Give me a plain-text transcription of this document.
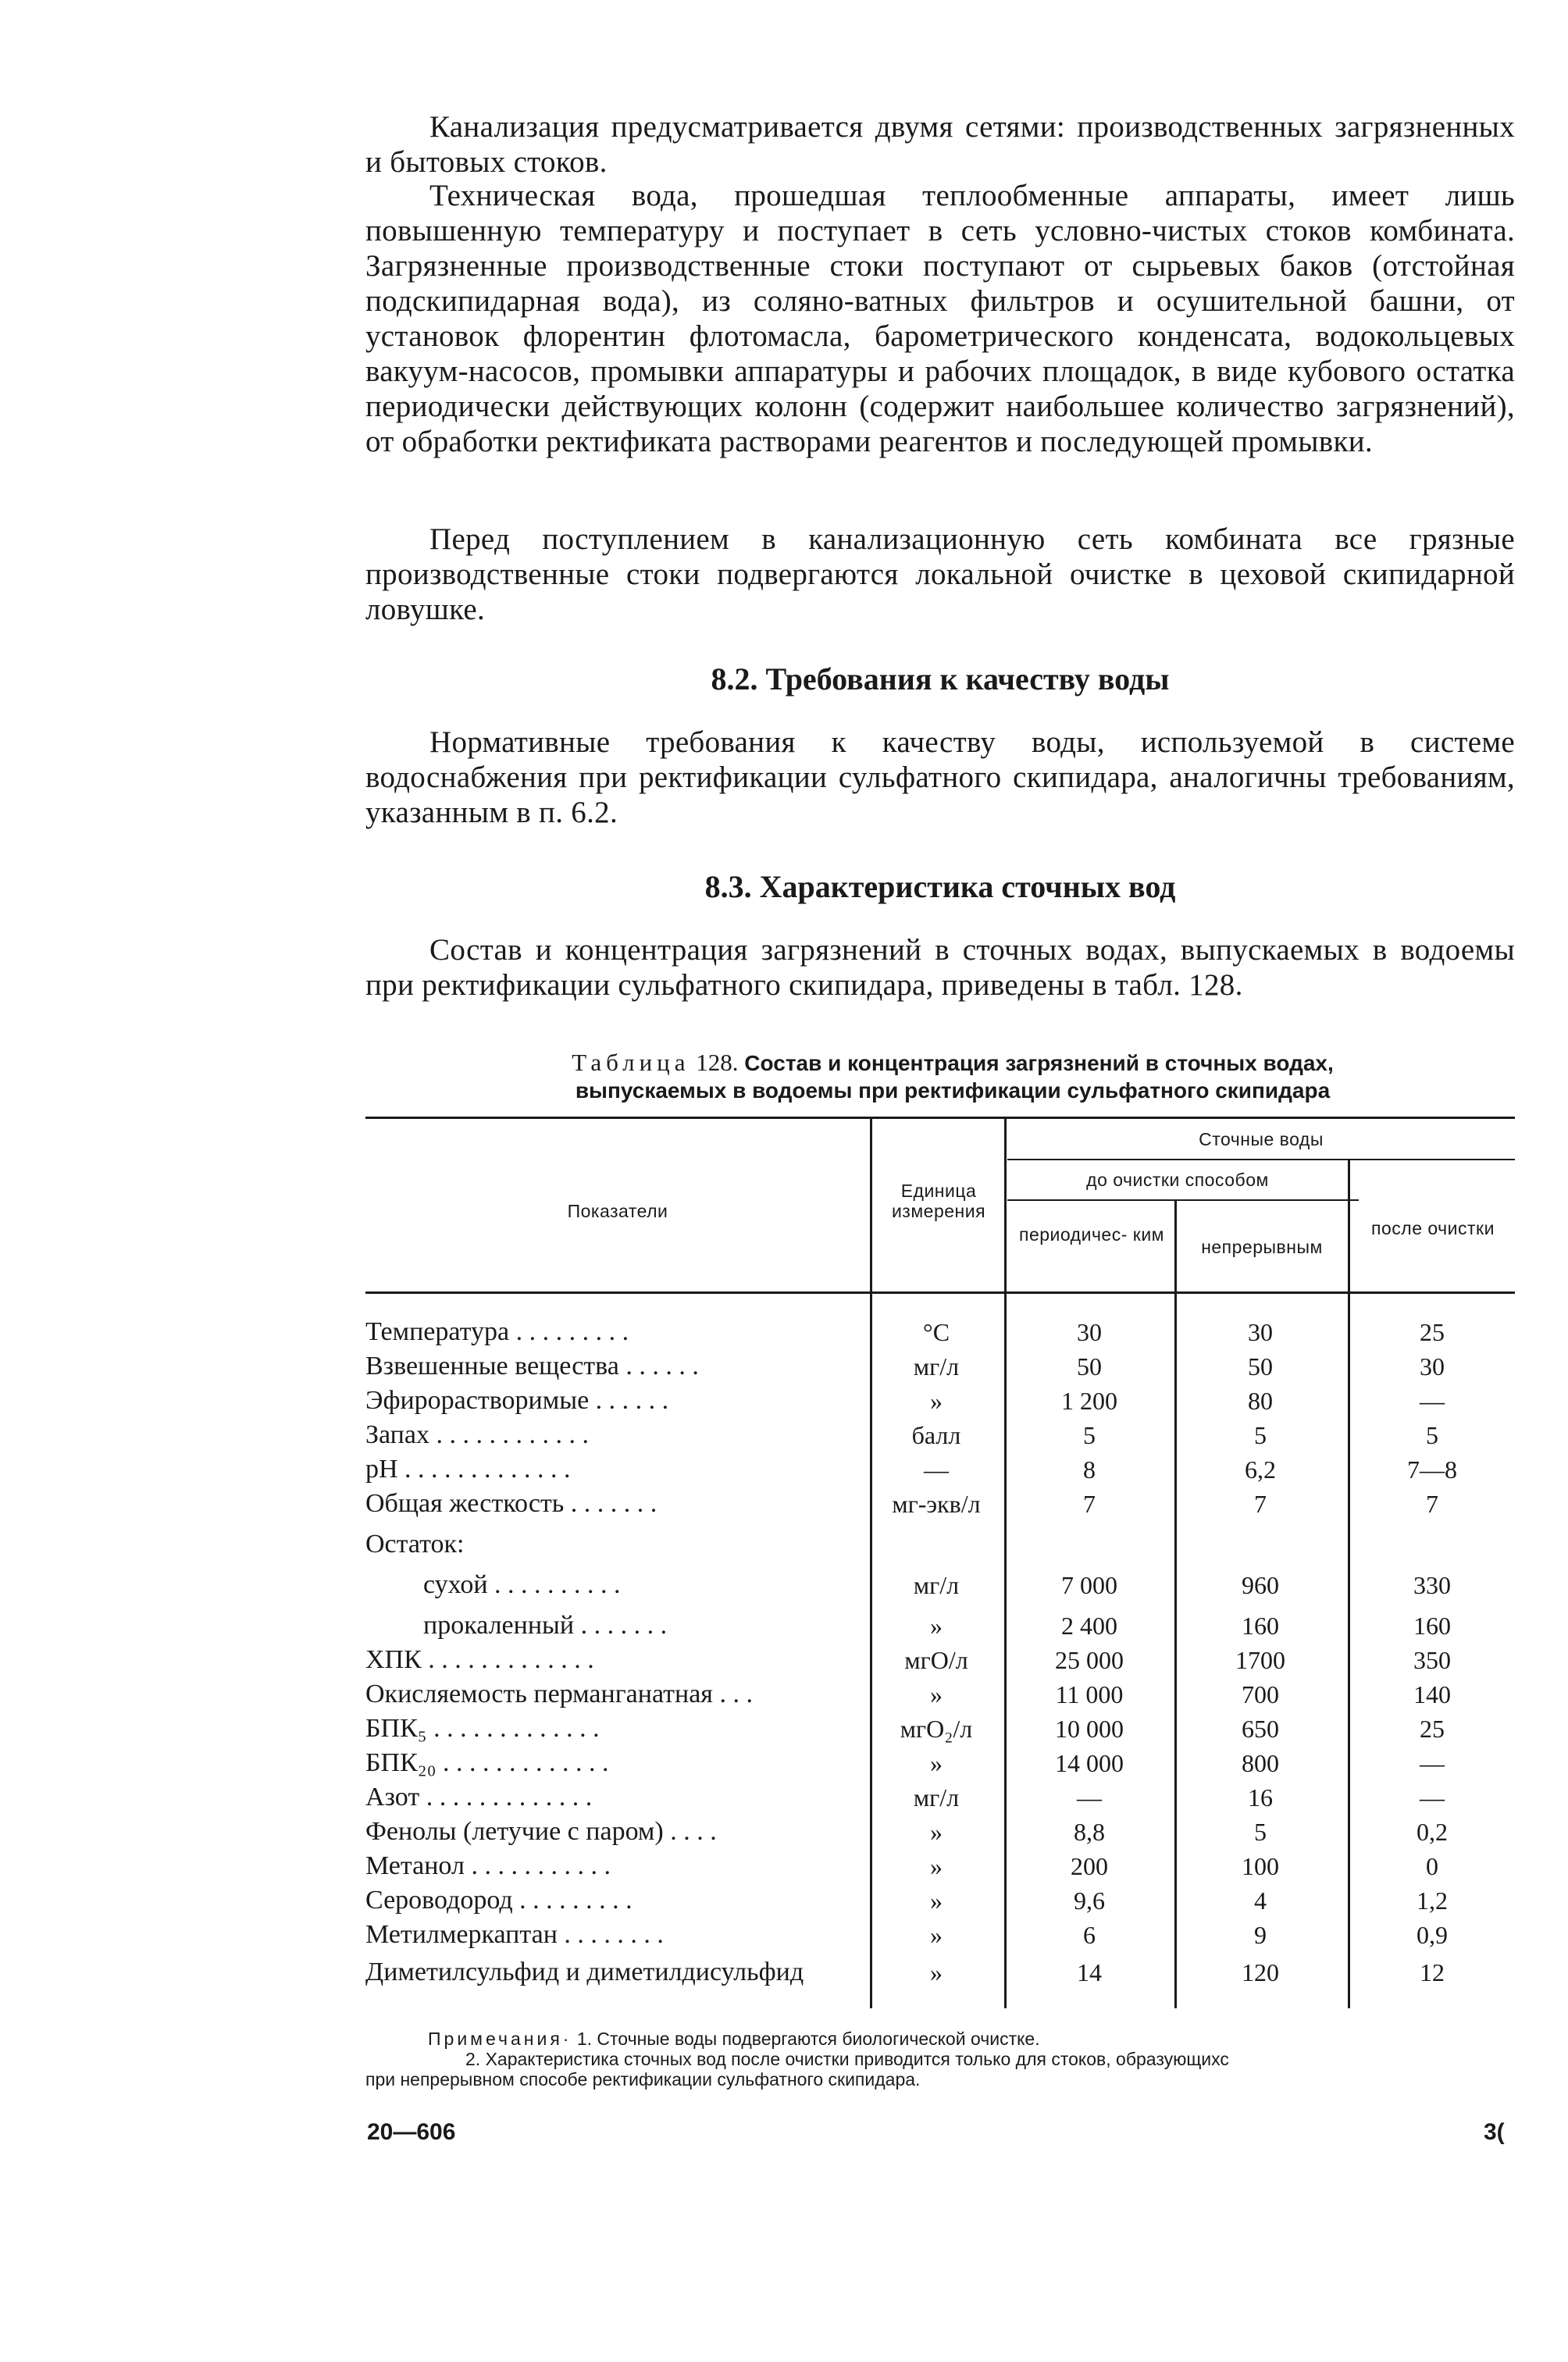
Канализация предусматривается двумя сетями: производственных загрязненных и бытовых стоков.

Техническая вода, прошедшая теплообменные аппараты, имеет лишь повышенную температуру и поступает в сеть условно-чистых стоков комбината. Загрязненные производственные стоки поступают от сырьевых баков (отстойная подскипидарная вода), из соляно-ватных фильтров и осушительной башни, от установок флорентин флотомасла, барометрического конденсата, водокольцевых вакуум-насосов, промывки аппаратуры и рабочих площадок, в виде кубового остатка периодически действующих колонн (содержит наибольшее количество загрязнений), от обработки ректификата растворами реагентов и последующей промывки.

Перед поступлением в канализационную сеть комбината все грязные производственные стоки подвергаются локальной очистке в цеховой скипидарной ловушке.

8.2. Требования к качеству воды

Нормативные требования к качеству воды, используемой в системе водоснабжения при ректификации сульфатного скипидара, аналогичны требованиям, указанным в п. 6.2.

8.3. Характеристика сточных вод

Состав и концентрация загрязнений в сточных водах, выпускаемых в водоемы при ректификации сульфатного скипидара, приведены в табл. 128.

Таблица 128. Состав и концентрация загрязнений в сточных водах,
выпускаемых в водоемы при ректификации сульфатного скипидара
Показатели
Единица измерения
Сточные воды
до очистки способом
периодичес- ким
непрерывным
после очистки
Температура . . . . . . . . .	°С	30	30	25
Взвешенные вещества . . . . . .	мг/л	50	50	30
Эфирорастворимые . . . . . .	»	1 200	80	—
Запах . . . . . . . . . . . .	балл	5	5	5
pH . . . . . . . . . . . . .	—	8	6,2	7—8
Общая жесткость . . . . . . .	мг-экв/л	7	7	7
Остаток:
сухой . . . . . . . . . .	мг/л	7 000	960	330
прокаленный . . . . . . .	»	2 400	160	160
ХПК . . . . . . . . . . . . .	мгО/л	25 000	1700	350
Окисляемость перманганатная . . .	»	11 000	700	140
БПК₅ . . . . . . . . . . . . .	мгО₂/л	10 000	650	25
БПК₂₀ . . . . . . . . . . . . .	»	14 000	800	—
Азот . . . . . . . . . . . . .	мг/л	—	16	—
Фенолы (летучие с паром) . . . .	»	8,8	5	0,2
Метанол . . . . . . . . . . .	»	200	100	0
Сероводород . . . . . . . . .	»	9,6	4	1,2
Метилмеркаптан . . . . . . . .	»	6	9	0,9
Диметилсульфид и диметилдисульфид	»	14	120	12

Примечания· 1. Сточные воды подвергаются биологической очистке.

2. Характеристика сточных вод после очистки приводится только для стоков, образующихс

при непрерывном способе ректификации сульфатного скипидара.

20—606	3(
